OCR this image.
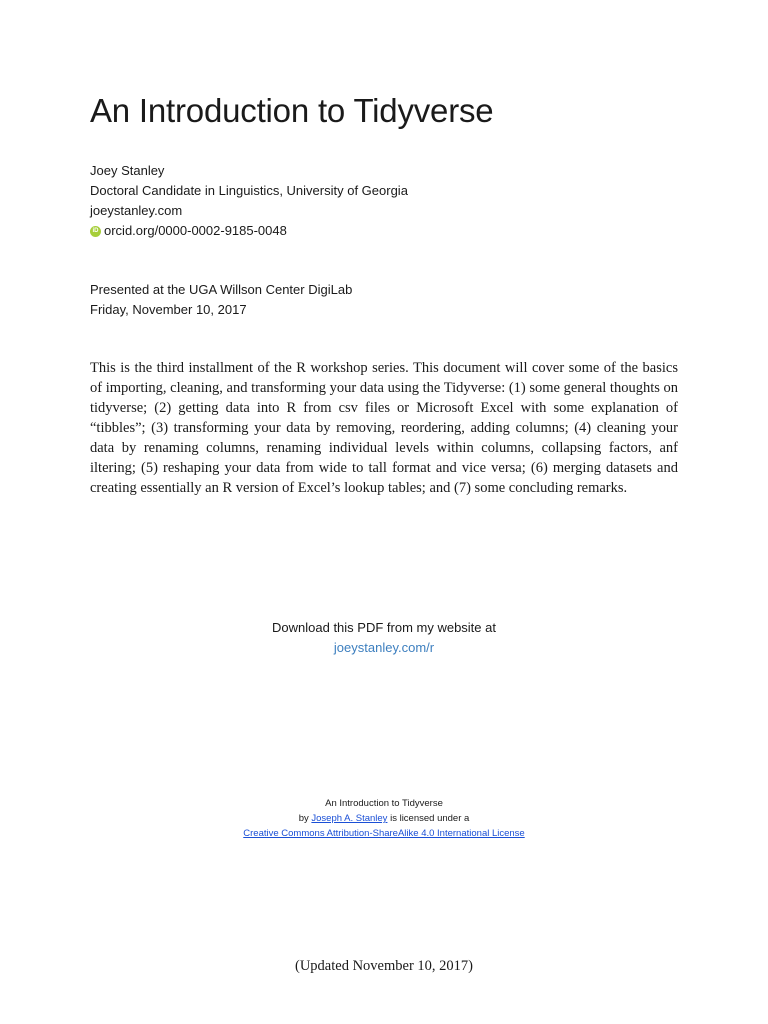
An Introduction to Tidyverse
Joey Stanley
Doctoral Candidate in Linguistics, University of Georgia
joeystanley.com
iD orcid.org/0000-0002-9185-0048
Presented at the UGA Willson Center DigiLab
Friday, November 10, 2017

This is the third installment of the R workshop series. This document will cover some of the basics of importing, cleaning, and transforming your data using the Tidyverse: (1) some general thoughts on tidyverse; (2) getting data into R from csv files or Microsoft Excel with some explanation of “tibbles”; (3) transforming your data by removing, reordering, adding columns; (4) cleaning your data by renaming columns, renaming individual levels within columns, collapsing factors, anf iltering; (5) reshaping your data from wide to tall format and vice versa; (6) merging datasets and creating essentially an R version of Excel’s lookup tables; and (7) some concluding remarks.

Download this PDF from my website at
joeystanley.com/r
An Introduction to Tidyverse
by Joseph A. Stanley is licensed under a
Creative Commons Attribution-ShareAlike 4.0 International License
(Updated November 10, 2017)
